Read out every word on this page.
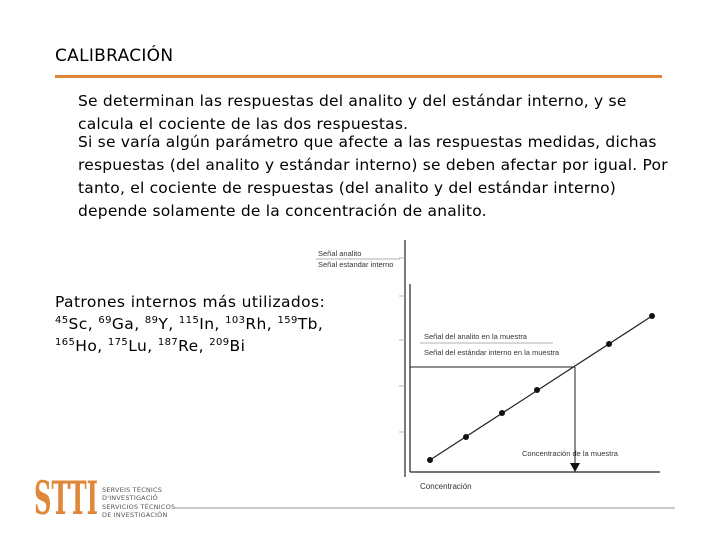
CALIBRACIÓN

Se determinan las respuestas del analito y del estándar interno, y se calcula el cociente de las dos respuestas.

Si se varía algún parámetro que afecte a las respuestas medidas, dichas respuestas (del analito y estándar interno) se deben afectar por igual. Por tanto, el cociente de respuestas (del analito y del estándar interno) depende solamente de la concentración de analito.

Patrones internos más utilizados:
$^{45}$Sc, $^{69}$Ga, $^{89}$Y, $^{115}$In, $^{103}$Rh, $^{159}$Tb,
$^{165}$Ho, $^{175}$Lu, $^{187}$Re, $^{209}$Bi
Señal analito
Señal estandar interno
Señal del analito en la muestra
Señal del estándar interno en la muestra
Concentración de la muestra
Concentración
STTI SERVEIS TÈCNICS
D'INVESTIGACIÓ
SERVICIOS TÉCNICOS
DE INVESTIGACIÓN
